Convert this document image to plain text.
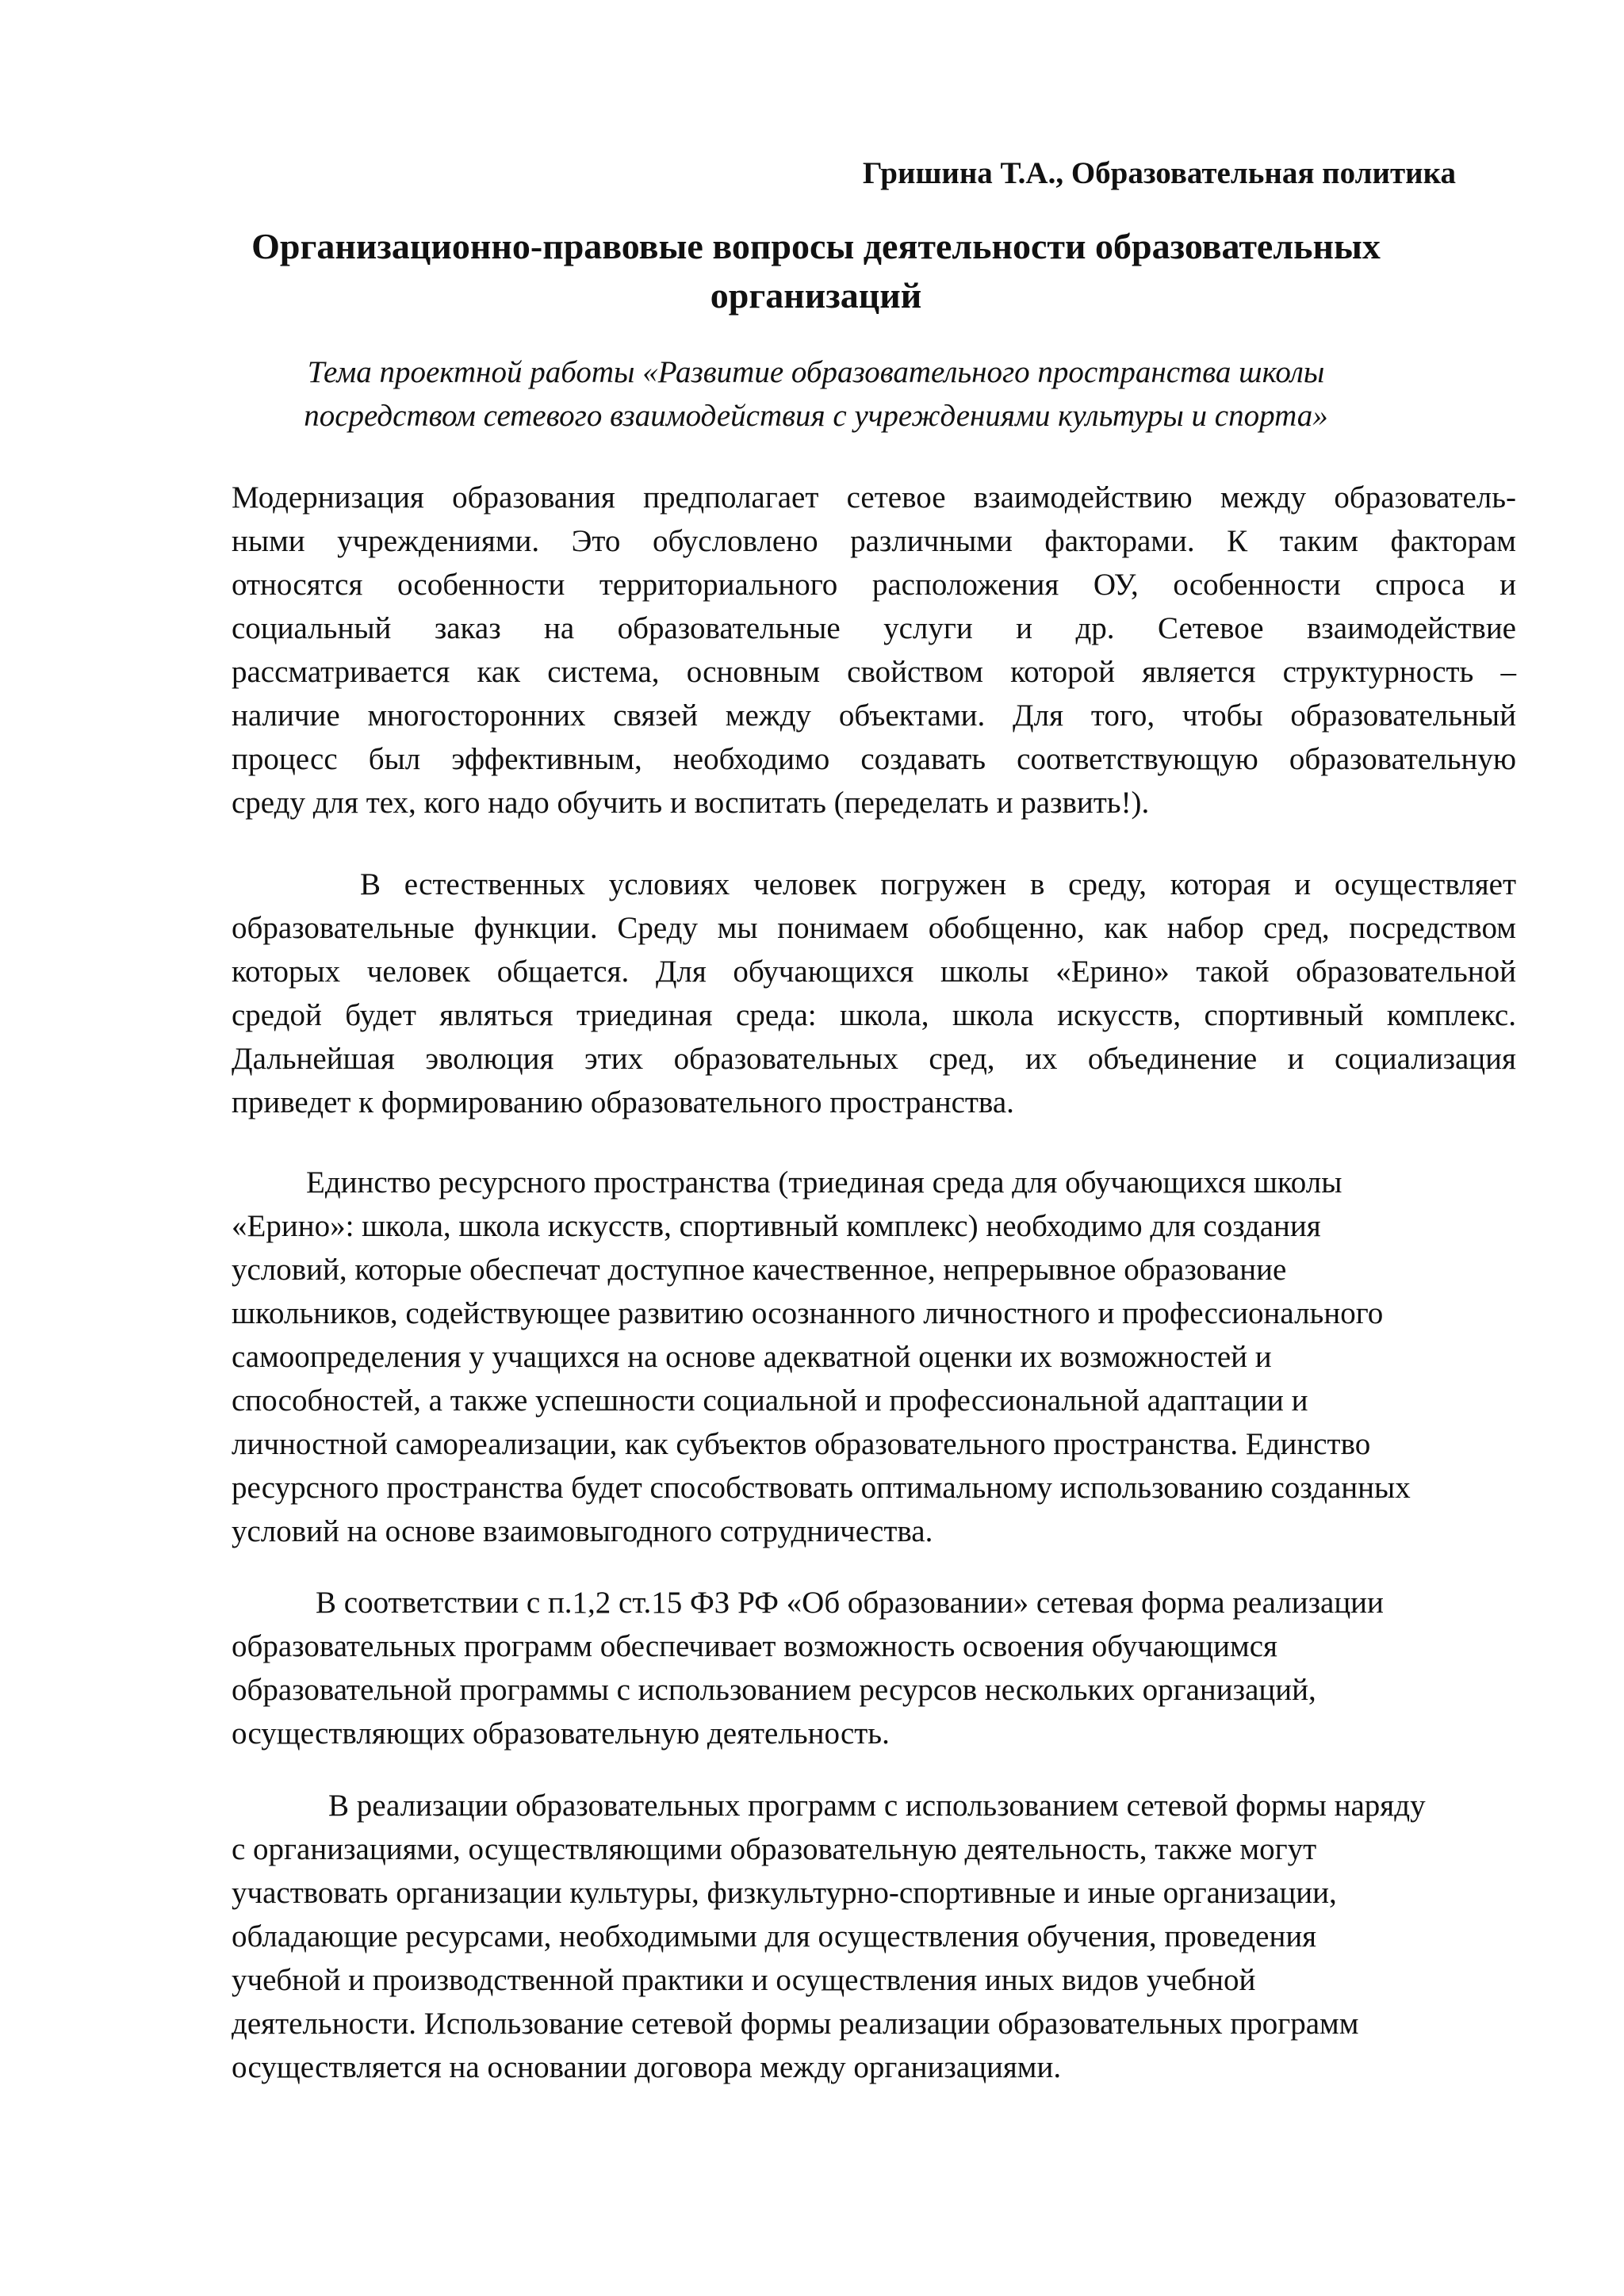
Гришина Т.А., Образовательная политика

Организационно-правовые вопросы деятельности образовательных
организаций

Тема проектной работы «Развитие образовательного пространства школы
посредством сетевого взаимодействия с учреждениями культуры и спорта»

Модернизация образования предполагает сетевое взаимодействию между образователь-
ными учреждениями. Это обусловлено различными факторами. К таким факторам
относятся особенности территориального расположения ОУ, особенности спроса и
социальный заказ на образовательные услуги и др. Сетевое взаимодействие
рассматривается как система, основным свойством которой является структурность –
наличие многосторонних связей между объектами. Для того, чтобы образовательный
процесс был эффективным, необходимо создавать соответствующую образовательную
среду для тех, кого надо обучить и воспитать (переделать и развить!).
В естественных условиях человек погружен в среду, которая и осуществляет
образовательные функции. Среду мы понимаем обобщенно, как набор сред, посредством
которых человек общается. Для обучающихся школы «Ерино» такой образовательной
средой будет являться триединая среда: школа, школа искусств, спортивный комплекс.
Дальнейшая эволюция этих образовательных сред, их объединение и социализация
приведет к формированию образовательного пространства.
Единство ресурсного пространства (триединая среда для обучающихся школы
«Ерино»: школа, школа искусств, спортивный комплекс) необходимо для создания
условий, которые обеспечат доступное качественное, непрерывное образование
школьников, содействующее развитию осознанного личностного и профессионального
самоопределения у учащихся на основе адекватной оценки их возможностей и
способностей, а также успешности социальной и профессиональной адаптации и
личностной самореализации, как субъектов образовательного пространства. Единство
ресурсного пространства будет способствовать оптимальному использованию созданных
условий на основе взаимовыгодного сотрудничества.
В соответствии с п.1,2 ст.15 ФЗ РФ «Об образовании» сетевая форма реализации
образовательных программ обеспечивает возможность освоения обучающимся
образовательной программы с использованием ресурсов нескольких организаций,
осуществляющих образовательную деятельность.
В реализации образовательных программ с использованием сетевой формы наряду
с организациями, осуществляющими образовательную деятельность, также могут
участвовать организации культуры, физкультурно-спортивные и иные организации,
обладающие ресурсами, необходимыми для осуществления обучения, проведения
учебной и производственной практики и осуществления иных видов учебной
деятельности. Использование сетевой формы реализации образовательных программ
осуществляется на основании договора между организациями.
